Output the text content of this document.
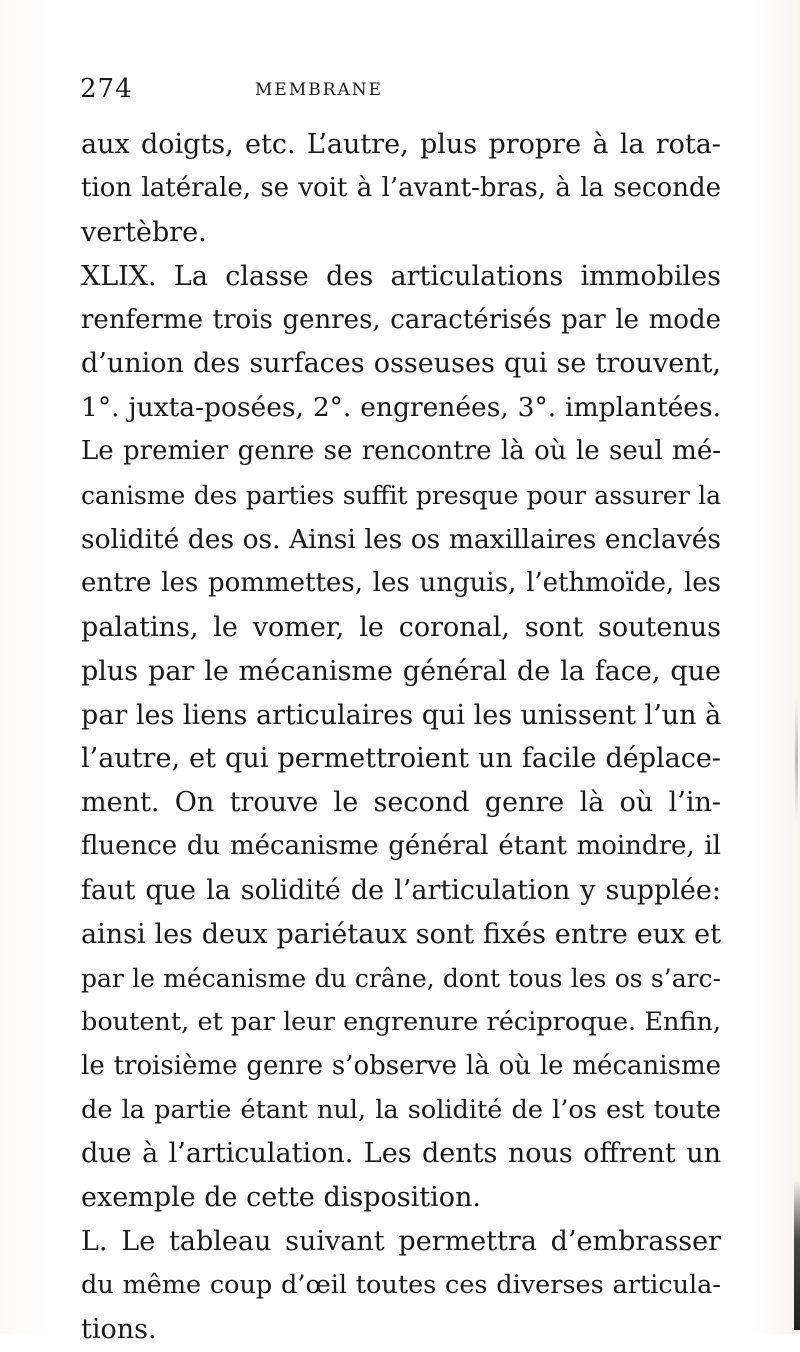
274	MEMBRANE
aux doigts, etc. L’autre, plus propre à la rota-
tion latérale, se voit à l’avant-bras, à la seconde
vertèbre.
XLIX. La classe des articulations immobiles
renferme trois genres, caractérisés par le mode
d’union des surfaces osseuses qui se trouvent,
1°. juxta-posées, 2°. engrenées, 3°. implantées.
Le premier genre se rencontre là où le seul mé-
canisme des parties suffit presque pour assurer la
solidité des os. Ainsi les os maxillaires enclavés
entre les pommettes, les unguis, l’ethmoïde, les
palatins, le vomer, le coronal, sont soutenus
plus par le mécanisme général de la face, que
par les liens articulaires qui les unissent l’un à
l’autre, et qui permettroient un facile déplace-
ment. On trouve le second genre là où l’in-
fluence du mécanisme général étant moindre, il
faut que la solidité de l’articulation y supplée:
ainsi les deux pariétaux sont fixés entre eux et
par le mécanisme du crâne, dont tous les os s’arc-
boutent, et par leur engrenure réciproque. Enfin,
le troisième genre s’observe là où le mécanisme
de la partie étant nul, la solidité de l’os est toute
due à l’articulation. Les dents nous offrent un
exemple de cette disposition.
L. Le tableau suivant permettra d’embrasser
du même coup d’œil toutes ces diverses articula-
tions.
